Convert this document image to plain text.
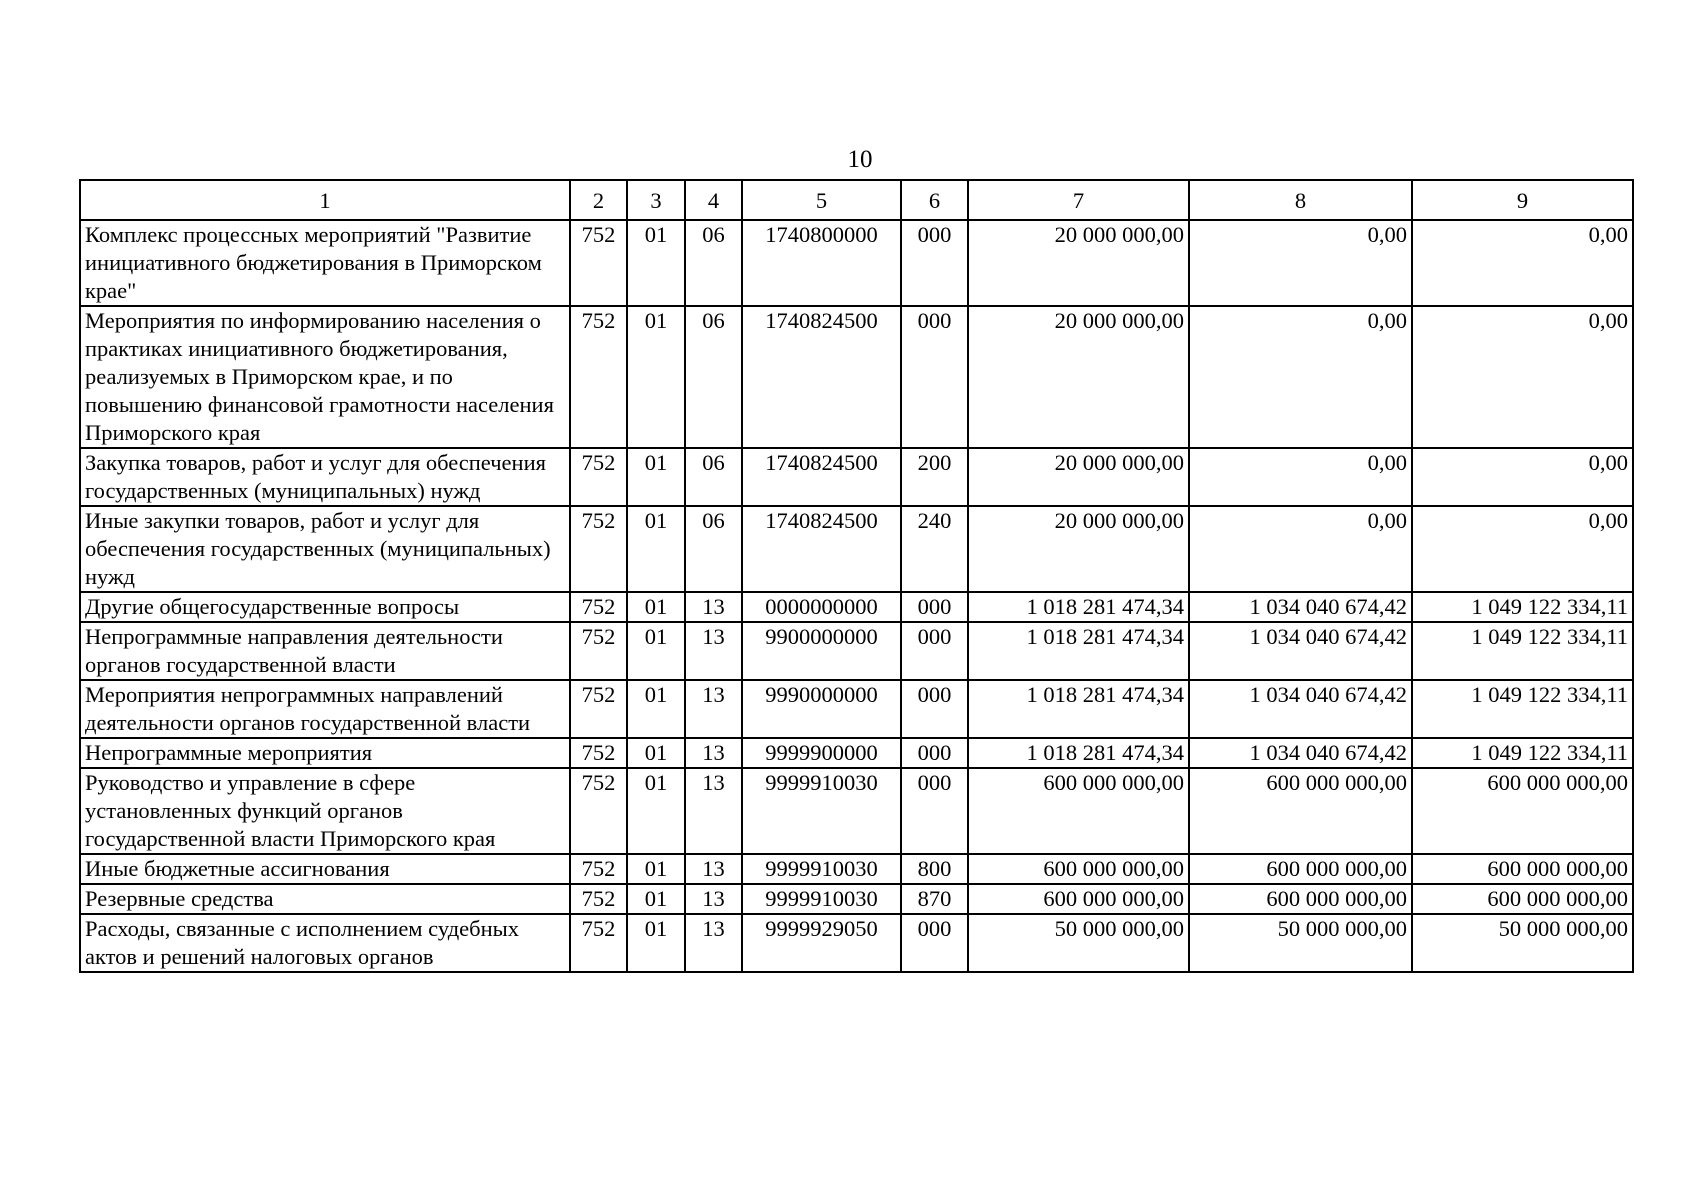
10
1	2	3	4	5	6	7	8	9
Комплекс процессных мероприятий "Развитие инициативного бюджетирования в Приморском крае"	752	01	06	1740800000	000	20 000 000,00	0,00	0,00
Мероприятия по информированию населения о практиках инициативного бюджетирования, реализуемых в Приморском крае, и по повышению финансовой грамотности населения Приморского края	752	01	06	1740824500	000	20 000 000,00	0,00	0,00
Закупка товаров, работ и услуг для обеспечения государственных (муниципальных) нужд	752	01	06	1740824500	200	20 000 000,00	0,00	0,00
Иные закупки товаров, работ и услуг для обеспечения государственных (муниципальных) нужд	752	01	06	1740824500	240	20 000 000,00	0,00	0,00
Другие общегосударственные вопросы	752	01	13	0000000000	000	1 018 281 474,34	1 034 040 674,42	1 049 122 334,11
Непрограммные направления деятельности органов государственной власти	752	01	13	9900000000	000	1 018 281 474,34	1 034 040 674,42	1 049 122 334,11
Мероприятия непрограммных направлений деятельности органов государственной власти	752	01	13	9990000000	000	1 018 281 474,34	1 034 040 674,42	1 049 122 334,11
Непрограммные мероприятия	752	01	13	9999900000	000	1 018 281 474,34	1 034 040 674,42	1 049 122 334,11
Руководство и управление в сфере установленных функций органов государственной власти Приморского края	752	01	13	9999910030	000	600 000 000,00	600 000 000,00	600 000 000,00
Иные бюджетные ассигнования	752	01	13	9999910030	800	600 000 000,00	600 000 000,00	600 000 000,00
Резервные средства	752	01	13	9999910030	870	600 000 000,00	600 000 000,00	600 000 000,00
Расходы, связанные с исполнением судебных актов и решений налоговых органов	752	01	13	9999929050	000	50 000 000,00	50 000 000,00	50 000 000,00
